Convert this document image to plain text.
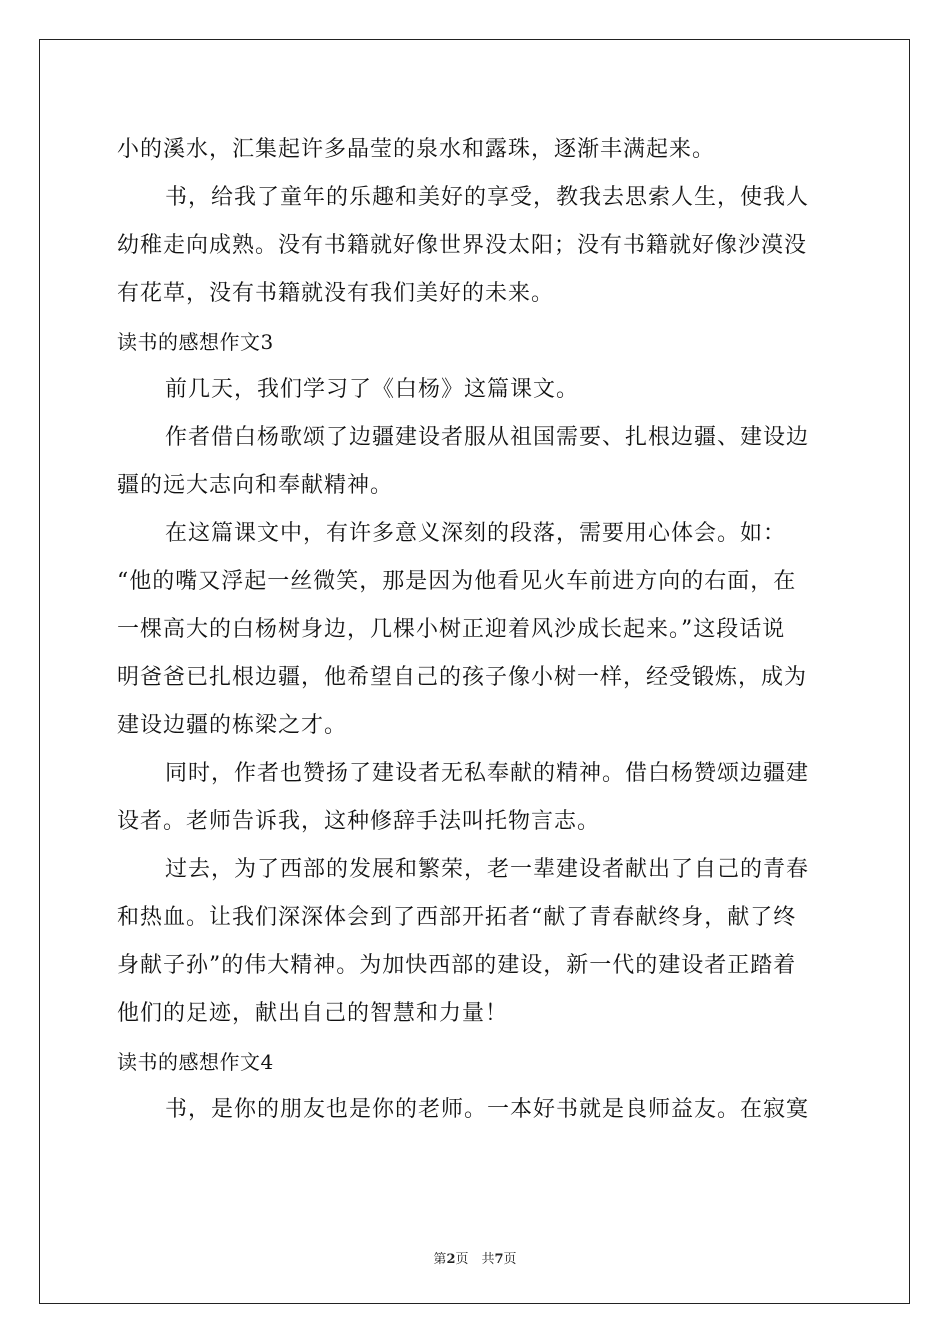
小的溪水，汇集起许多晶莹的泉水和露珠，逐渐丰满起来。
书，给我了童年的乐趣和美好的享受，教我去思索人生，使我人
幼稚走向成熟。没有书籍就好像世界没太阳；没有书籍就好像沙漠没
有花草，没有书籍就没有我们美好的未来。
读书的感想作文3
前几天，我们学习了《白杨》这篇课文。
作者借白杨歌颂了边疆建设者服从祖国需要、扎根边疆、建设边
疆的远大志向和奉献精神。
在这篇课文中，有许多意义深刻的段落，需要用心体会。如：
“他的嘴又浮起一丝微笑，那是因为他看见火车前进方向的右面，在
一棵高大的白杨树身边，几棵小树正迎着风沙成长起来。”这段话说
明爸爸已扎根边疆，他希望自己的孩子像小树一样，经受锻炼，成为
建设边疆的栋梁之才。
同时，作者也赞扬了建设者无私奉献的精神。借白杨赞颂边疆建
设者。老师告诉我，这种修辞手法叫托物言志。
过去，为了西部的发展和繁荣，老一辈建设者献出了自己的青春
和热血。让我们深深体会到了西部开拓者“献了青春献终身，献了终
身献子孙”的伟大精神。为加快西部的建设，新一代的建设者正踏着
他们的足迹，献出自己的智慧和力量！
读书的感想作文4
书，是你的朋友也是你的老师。一本好书就是良师益友。在寂寞
第2页　共7页
